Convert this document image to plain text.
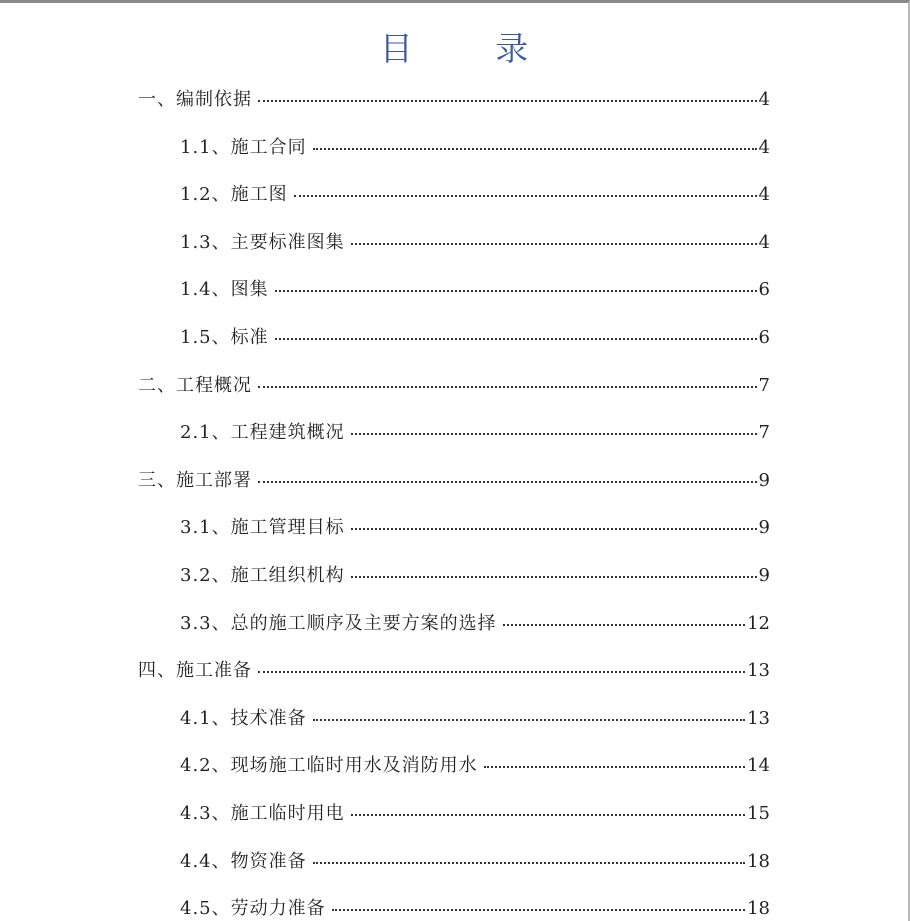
目 录
一、编制依据	4
1.1、施工合同	4
1.2、施工图	4
1.3、主要标准图集	4
1.4、图集	6
1.5、标准	6
二、工程概况	7
2.1、工程建筑概况	7
三、施工部署	9
3.1、施工管理目标	9
3.2、施工组织机构	9
3.3、总的施工顺序及主要方案的选择	12
四、施工准备	13
4.1、技术准备	13
4.2、现场施工临时用水及消防用水	14
4.3、施工临时用电	15
4.4、物资准备	18
4.5、劳动力准备	18
